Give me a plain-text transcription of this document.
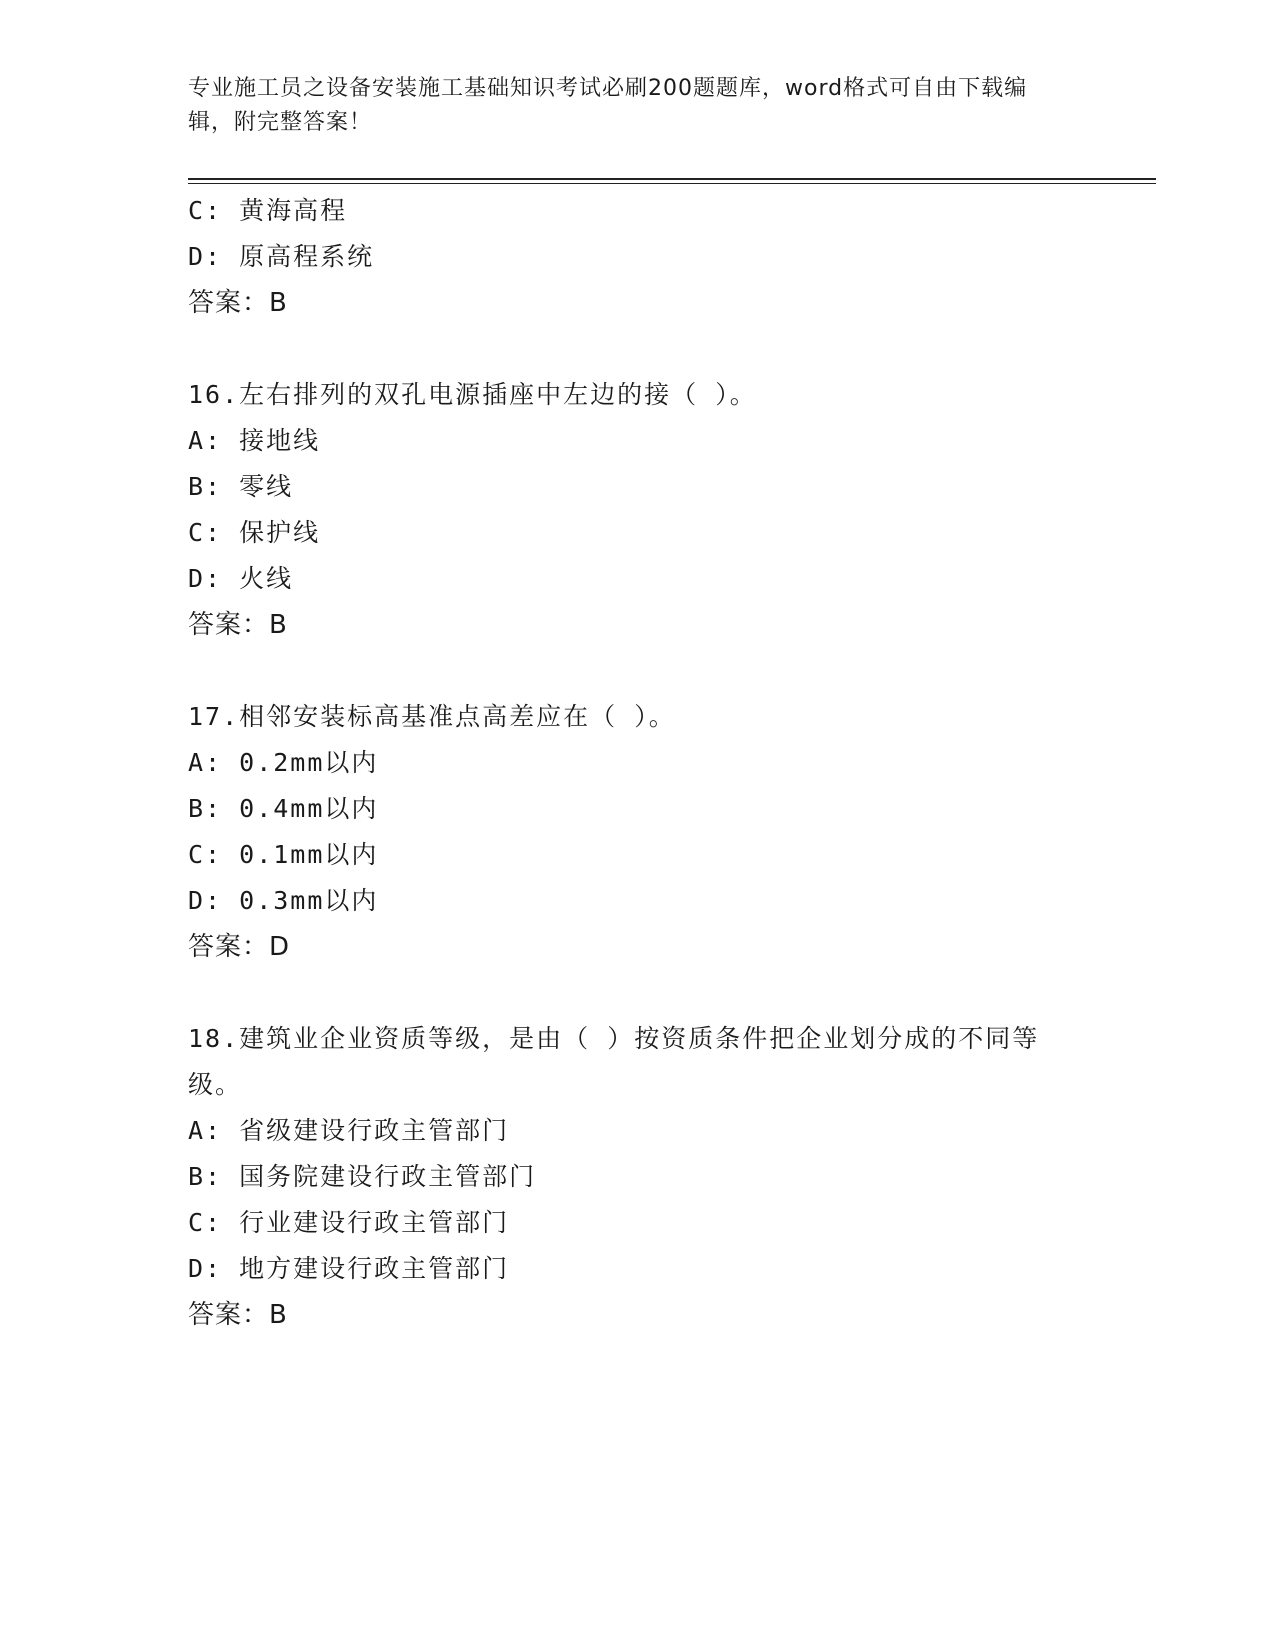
专业施工员之设备安装施工基础知识考试必刷200题题库，word格式可自由下载编辑，附完整答案！
C: 黄海高程
D: 原高程系统
答案：B
16.左右排列的双孔电源插座中左边的接（ ）。
A: 接地线
B: 零线
C: 保护线
D: 火线
答案：B
17.相邻安装标高基准点高差应在（ ）。
A: 0.2mm以内
B: 0.4mm以内
C: 0.1mm以内
D: 0.3mm以内
答案：D
18.建筑业企业资质等级，是由（ ）按资质条件把企业划分成的不同等级。
A: 省级建设行政主管部门
B: 国务院建设行政主管部门
C: 行业建设行政主管部门
D: 地方建设行政主管部门
答案：B
